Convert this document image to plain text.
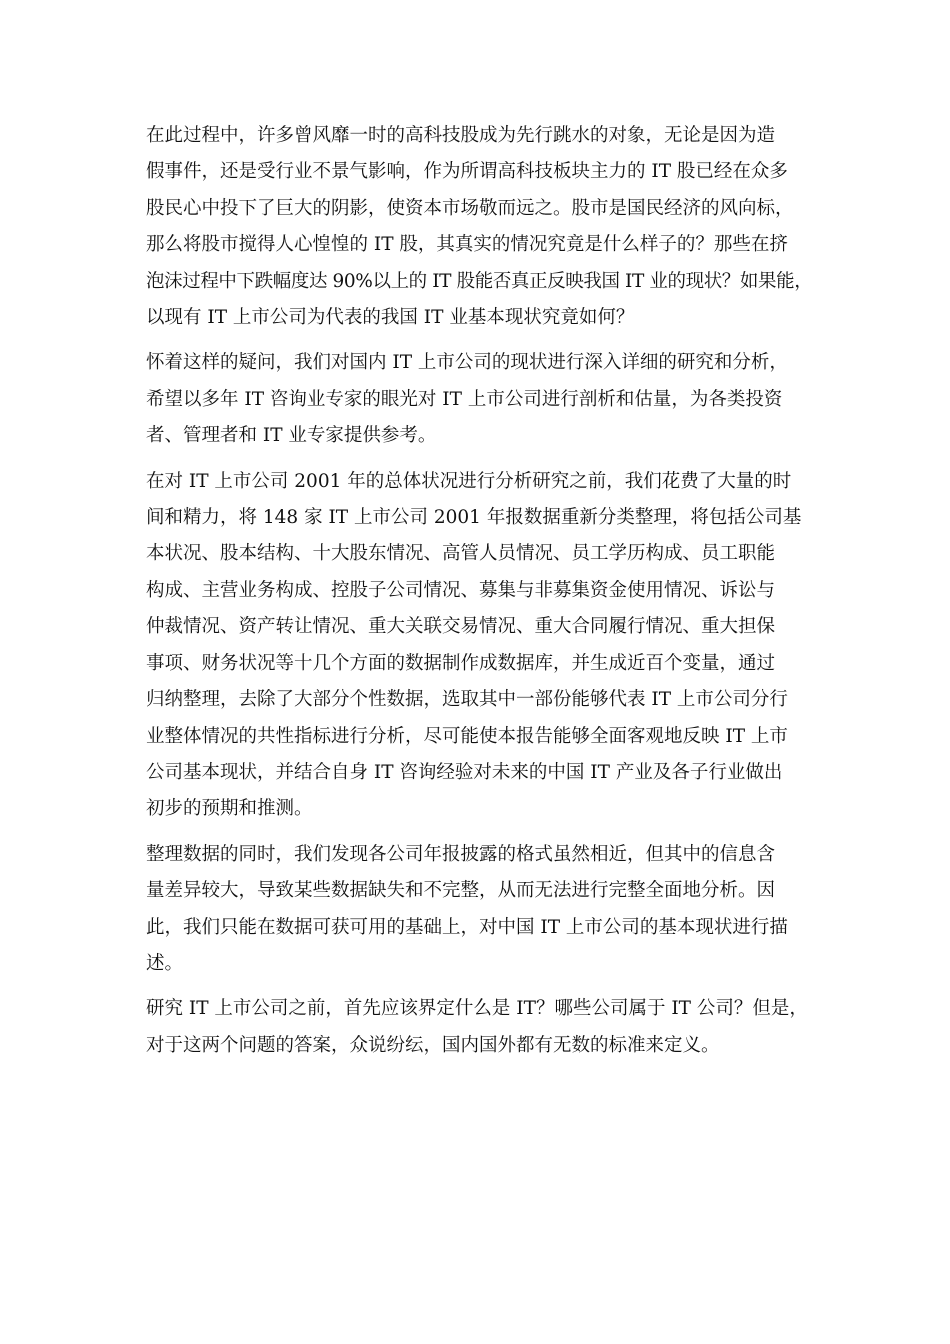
在此过程中，许多曾风靡一时的高科技股成为先行跳水的对象，无论是因为造
假事件，还是受行业不景气影响，作为所谓高科技板块主力的 IT 股已经在众多
股民心中投下了巨大的阴影，使资本市场敬而远之。股市是国民经济的风向标，
那么将股市搅得人心惶惶的 IT 股，其真实的情况究竟是什么样子的？那些在挤
泡沫过程中下跌幅度达 90%以上的 IT 股能否真正反映我国 IT 业的现状？如果能，
以现有 IT 上市公司为代表的我国 IT 业基本现状究竟如何？

怀着这样的疑问，我们对国内 IT 上市公司的现状进行深入详细的研究和分析，
希望以多年 IT 咨询业专家的眼光对 IT 上市公司进行剖析和估量，为各类投资
者、管理者和 IT 业专家提供参考。

在对 IT 上市公司 2001 年的总体状况进行分析研究之前，我们花费了大量的时
间和精力，将 148 家 IT 上市公司 2001 年报数据重新分类整理，将包括公司基
本状况、股本结构、十大股东情况、高管人员情况、员工学历构成、员工职能
构成、主营业务构成、控股子公司情况、募集与非募集资金使用情况、诉讼与
仲裁情况、资产转让情况、重大关联交易情况、重大合同履行情况、重大担保
事项、财务状况等十几个方面的数据制作成数据库，并生成近百个变量，通过
归纳整理，去除了大部分个性数据，选取其中一部份能够代表 IT 上市公司分行
业整体情况的共性指标进行分析，尽可能使本报告能够全面客观地反映 IT 上市
公司基本现状，并结合自身 IT 咨询经验对未来的中国 IT 产业及各子行业做出
初步的预期和推测。

整理数据的同时，我们发现各公司年报披露的格式虽然相近，但其中的信息含
量差异较大，导致某些数据缺失和不完整，从而无法进行完整全面地分析。因
此，我们只能在数据可获可用的基础上，对中国 IT 上市公司的基本现状进行描
述。

研究 IT 上市公司之前，首先应该界定什么是 IT？哪些公司属于 IT 公司？但是，
对于这两个问题的答案，众说纷纭，国内国外都有无数的标准来定义。
